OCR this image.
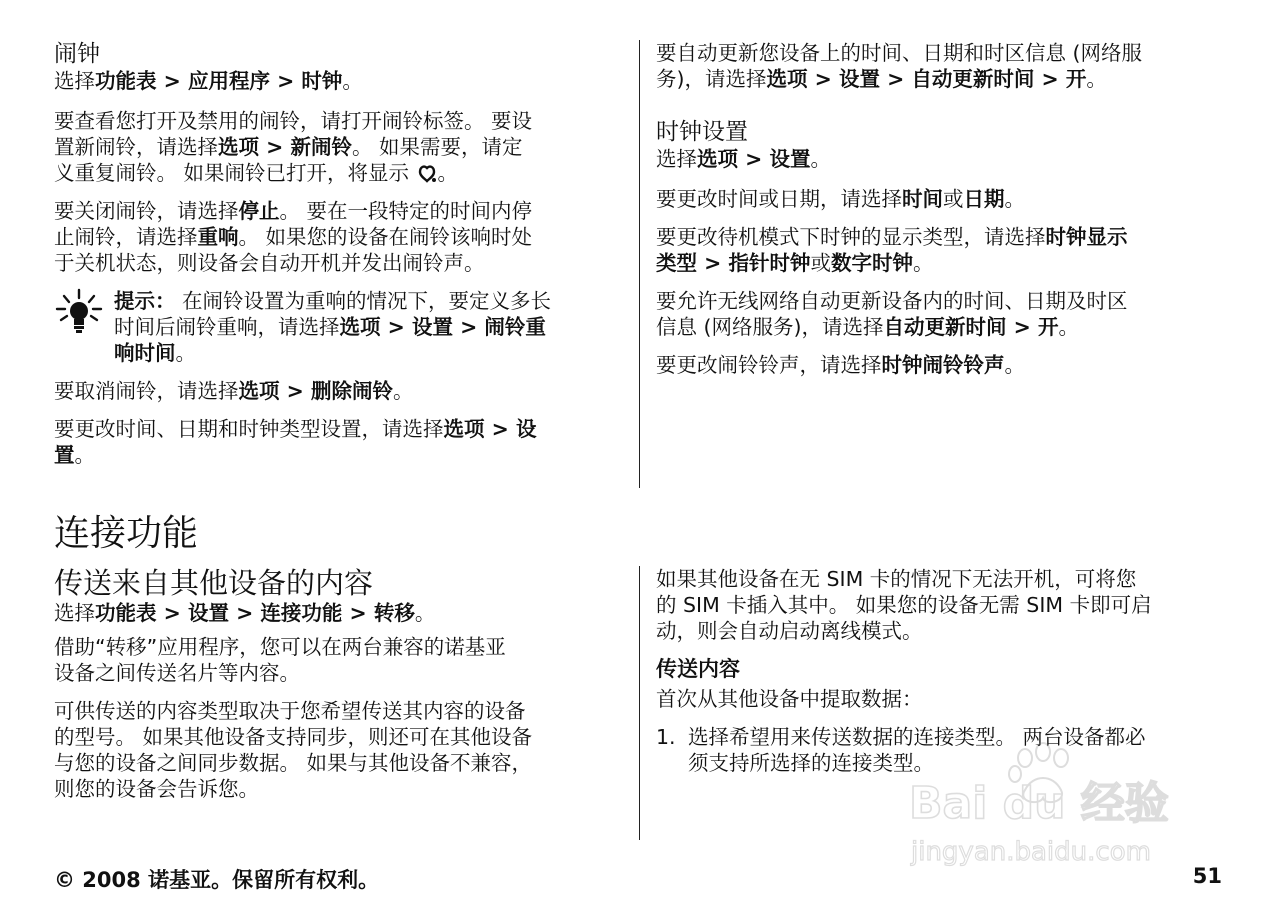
闹钟

选择功能表 > 应用程序 > 时钟。

要查看您打开及禁用的闹铃，请打开闹铃标签。 要设
置新闹铃，请选择选项 > 新闹铃。 如果需要，请定
义重复闹铃。 如果闹铃已打开，将显示 。

要关闭闹铃，请选择停止。 要在一段特定的时间内停
止闹铃，请选择重响。 如果您的设备在闹铃该响时处
于关机状态，则设备会自动开机并发出闹铃声。

提示： 在闹铃设置为重响的情况下，要定义多长
时间后闹铃重响，请选择选项 > 设置 > 闹铃重
响时间。

要取消闹铃，请选择选项 > 删除闹铃。

要更改时间、日期和时钟类型设置，请选择选项 > 设
置。

要自动更新您设备上的时间、日期和时区信息 (网络服
务)，请选择选项 > 设置 > 自动更新时间 > 开。

时钟设置

选择选项 > 设置。

要更改时间或日期，请选择时间或日期。

要更改待机模式下时钟的显示类型，请选择时钟显示
类型 > 指针时钟或数字时钟。

要允许无线网络自动更新设备内的时间、日期及时区
信息 (网络服务)，请选择自动更新时间 > 开。

要更改闹铃铃声，请选择时钟闹铃铃声。

连接功能
传送来自其他设备的内容

选择功能表 > 设置 > 连接功能 > 转移。

借助“转移”应用程序，您可以在两台兼容的诺基亚
设备之间传送名片等内容。

可供传送的内容类型取决于您希望传送其内容的设备
的型号。 如果其他设备支持同步，则还可在其他设备
与您的设备之间同步数据。 如果与其他设备不兼容，
则您的设备会告诉您。

如果其他设备在无 SIM 卡的情况下无法开机，可将您
的 SIM 卡插入其中。 如果您的设备无需 SIM 卡即可启
动，则会自动启动离线模式。

传送内容

首次从其他设备中提取数据：

1. 选择希望用来传送数据的连接类型。 两台设备都必
须支持所选择的连接类型。
Bai du 经验
jingyan.baidu.com
© 2008 诺基亚。保留所有权利。	51
